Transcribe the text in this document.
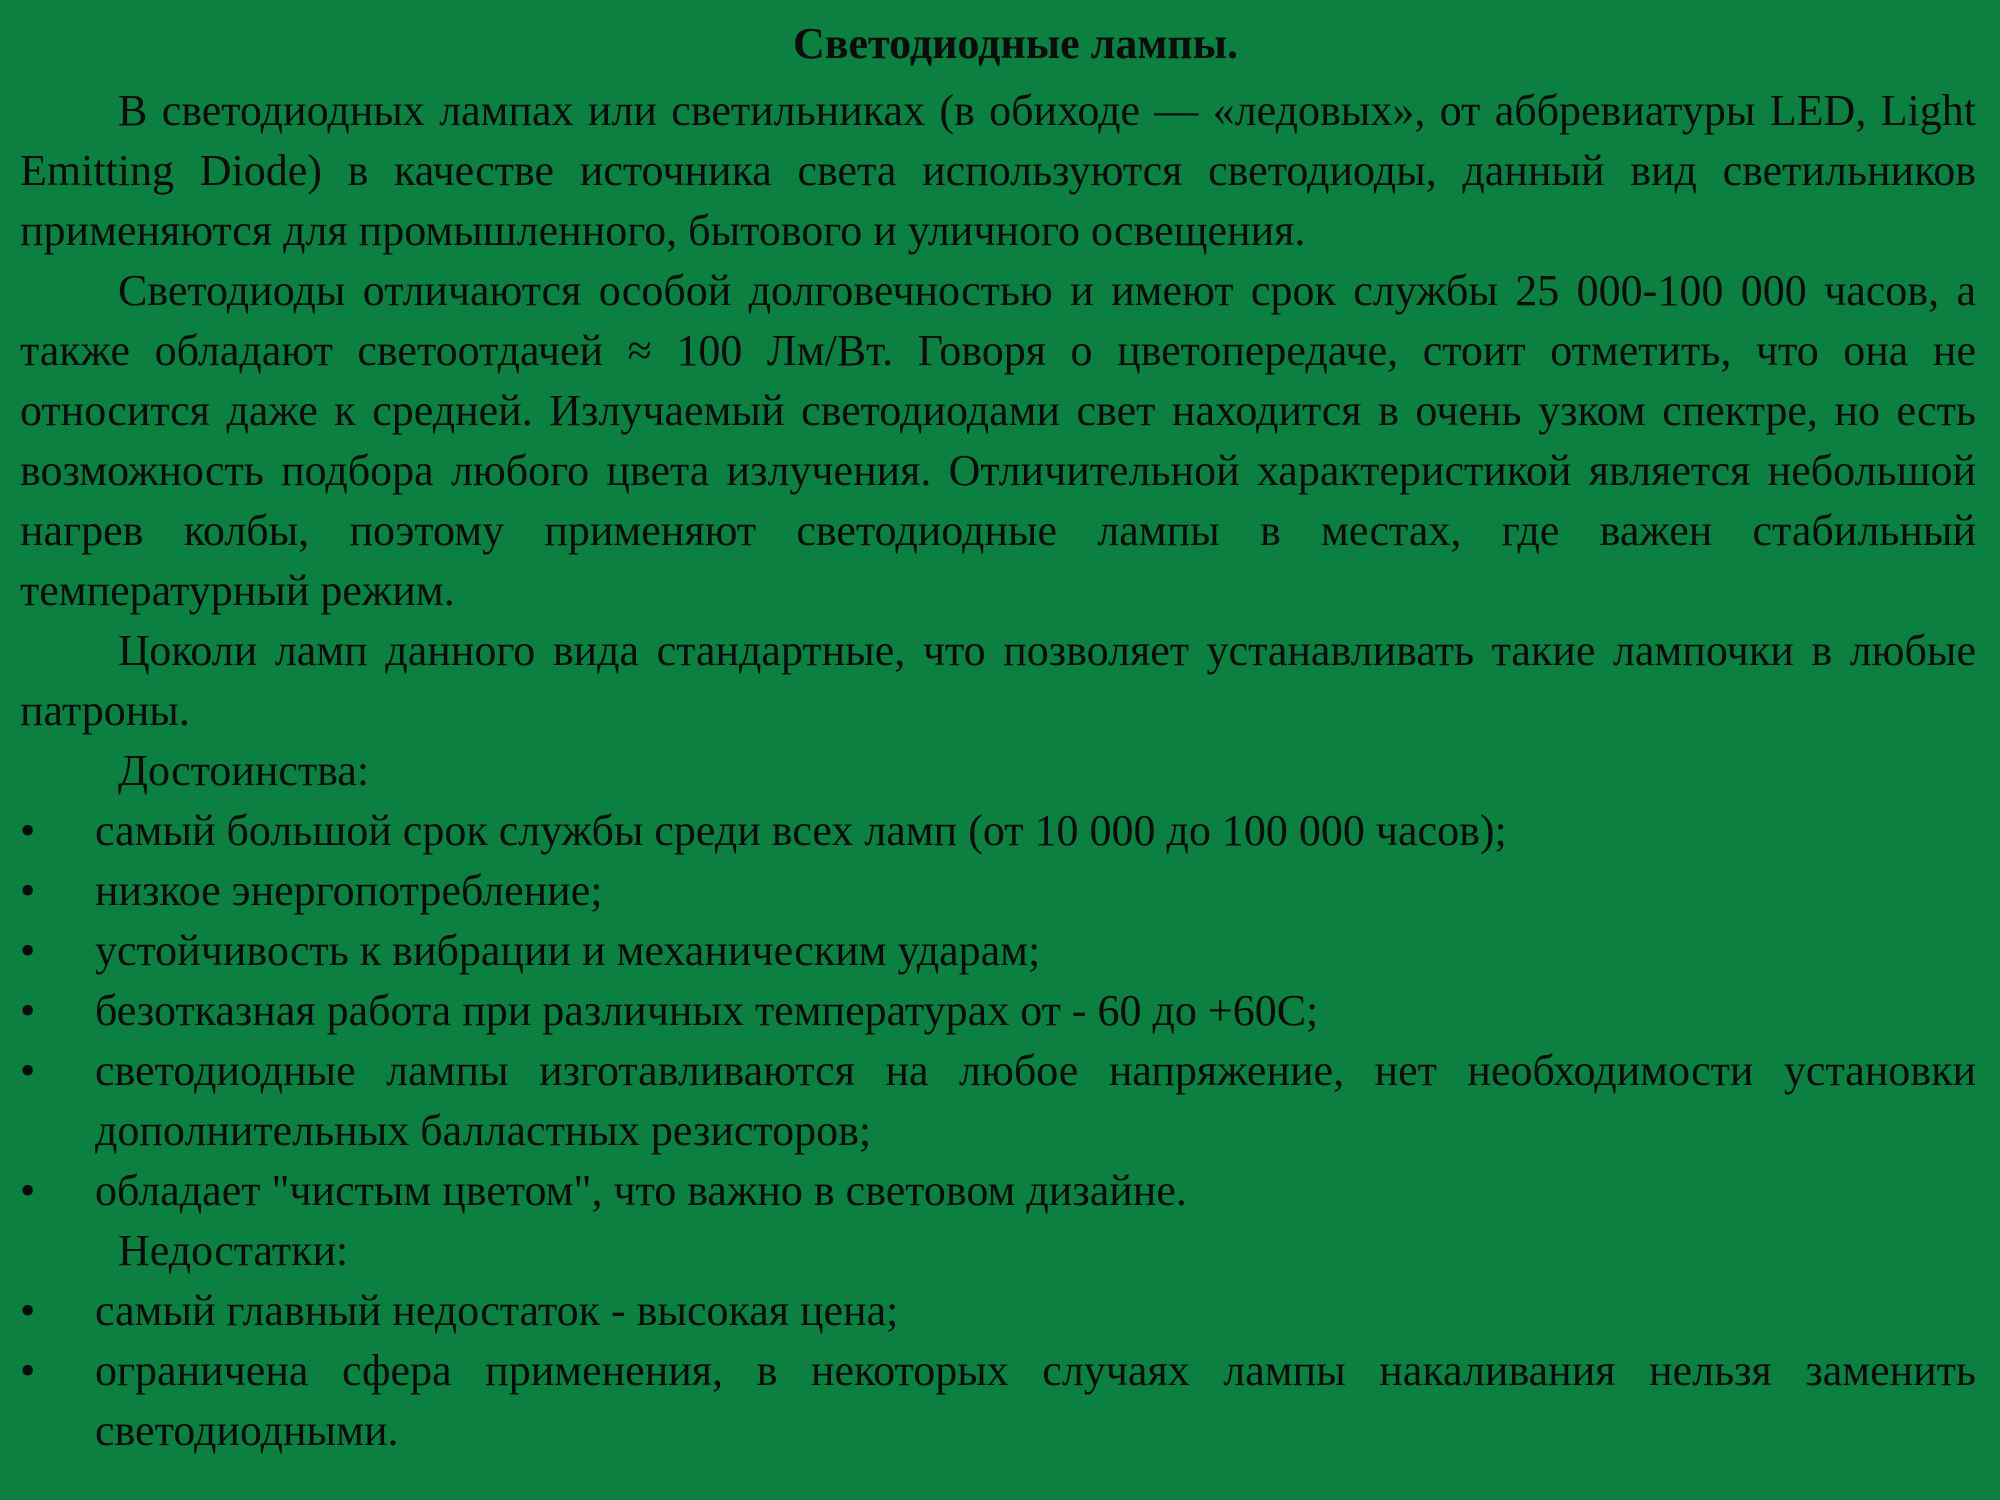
Светодиодные лампы.

В светодиодных лампах или светильниках (в обиходе — «ледовых», от аббревиатуры LED, Light Emitting Diode) в качестве источника света используются светодиоды, данный вид светильников применяются для промышленного, бытового и уличного освещения.

Светодиоды отличаются особой долговечностью и имеют срок службы 25 000-100 000 часов, а также обладают светоотдачей ≈ 100 Лм/Вт. Говоря о цветопередаче, стоит отметить, что она не относится даже к средней. Излучаемый светодиодами свет находится в очень узком спектре, но есть возможность подбора любого цвета излучения. Отличительной характеристикой является небольшой нагрев колбы, поэтому применяют светодиодные лампы в местах, где важен стабильный температурный режим.

Цоколи ламп данного вида стандартные, что позволяет устанавливать такие лампочки в любые патроны.

Достоинства:
•	самый большой срок службы среди всех ламп (от 10 000 до 100 000 часов);
•	низкое энергопотребление;
•	устойчивость к вибрации и механическим ударам;
•	безотказная работа при различных температурах от - 60 до +60С;
•	светодиодные лампы изготавливаются на любое напряжение, нет необходимости установки дополнительных балластных резисторов;
•	обладает "чистым цветом", что важно в световом дизайне.
Недостатки:
•	самый главный недостаток - высокая цена;
•	ограничена сфера применения, в некоторых случаях лампы накаливания нельзя заменить светодиодными.
